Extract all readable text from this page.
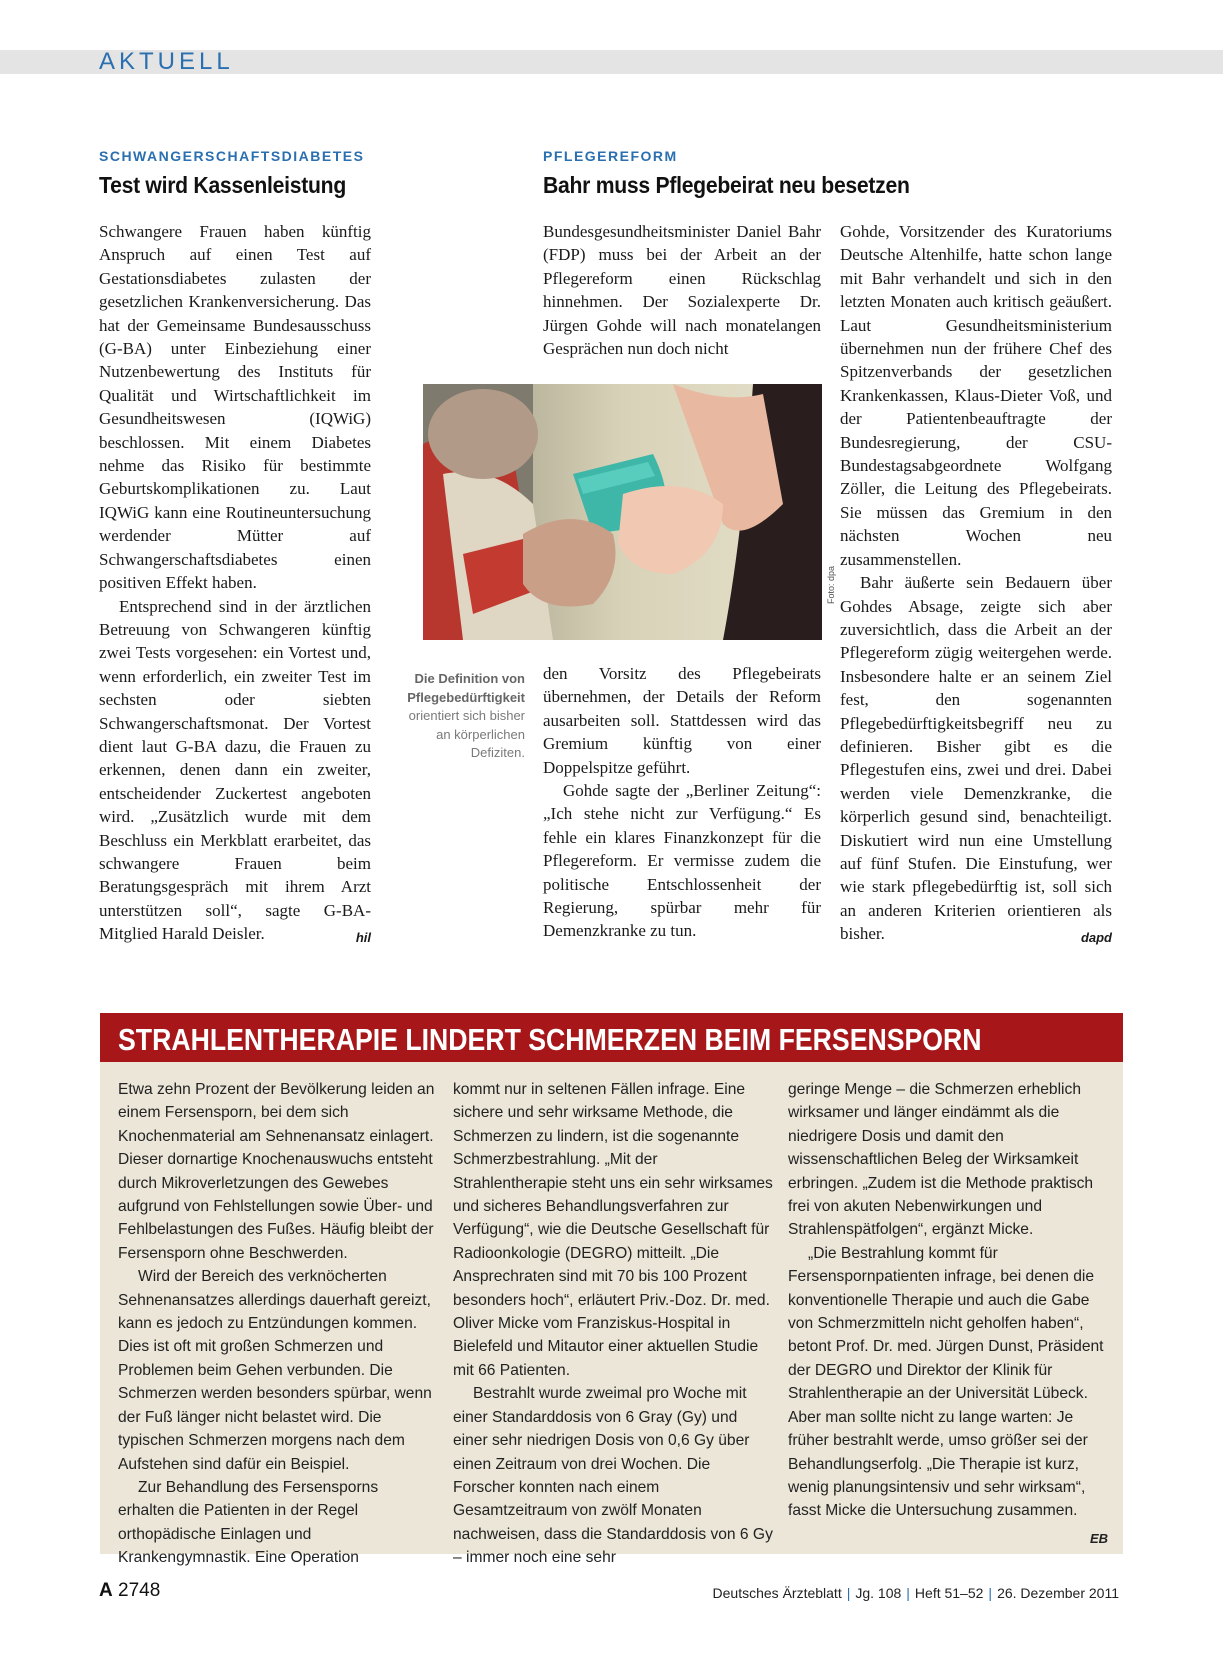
AKTUELL
SCHWANGERSCHAFTSDIABETES
Test wird Kassenleistung

Schwangere Frauen haben künftig Anspruch auf einen Test auf Gestationsdiabetes zulasten der gesetzlichen Krankenversicherung. Das hat der Gemeinsame Bundesausschuss (G-BA) unter Einbeziehung einer Nutzenbewertung des Instituts für Qualität und Wirtschaftlichkeit im Gesundheitswesen (IQWiG) beschlossen. Mit einem Diabetes nehme das Risiko für bestimmte Geburtskomplikationen zu. Laut IQWiG kann eine Routineuntersuchung werdender Mütter auf Schwangerschaftsdiabetes einen positiven Effekt haben.

Entsprechend sind in der ärztlichen Betreuung von Schwangeren künftig zwei Tests vorgesehen: ein Vortest und, wenn erforderlich, ein zweiter Test im sechsten oder siebten Schwangerschaftsmonat. Der Vortest dient laut G-BA dazu, die Frauen zu erkennen, denen dann ein zweiter, entscheidender Zuckertest angeboten wird. „Zusätzlich wurde mit dem Beschluss ein Merkblatt erarbeitet, das schwangere Frauen beim Beratungsgespräch mit ihrem Arzt unterstützen soll“, sagte G-BA-Mitglied Harald Deisler.	hil

PFLEGEREFORM
Bahr muss Pflegebeirat neu besetzen

Bundesgesundheitsminister Daniel Bahr (FDP) muss bei der Arbeit an der Pflegereform einen Rückschlag hinnehmen. Der Sozialexperte Dr. Jürgen Gohde will nach monatelangen Gesprächen nun doch nicht

Foto: dpa
Die Definition von Pflegebedürftigkeit orientiert sich bisher an körperlichen Defiziten.

den Vorsitz des Pflegebeirats übernehmen, der Details der Reform ausarbeiten soll. Stattdessen wird das Gremium künftig von einer Doppelspitze geführt.

Gohde sagte der „Berliner Zeitung“: „Ich stehe nicht zur Verfügung.“ Es fehle ein klares Finanzkonzept für die Pflegereform. Er vermisse zudem die politische Entschlossenheit der Regierung, spürbar mehr für Demenzkranke zu tun.

Gohde, Vorsitzender des Kuratoriums Deutsche Altenhilfe, hatte schon lange mit Bahr verhandelt und sich in den letzten Monaten auch kritisch geäußert. Laut Gesundheitsministerium übernehmen nun der frühere Chef des Spitzenverbands der gesetzlichen Krankenkassen, Klaus-Dieter Voß, und der Patientenbeauftragte der Bundesregierung, der CSU-Bundestagsabgeordnete Wolfgang Zöller, die Leitung des Pflegebeirats. Sie müssen das Gremium in den nächsten Wochen neu zusammenstellen.

Bahr äußerte sein Bedauern über Gohdes Absage, zeigte sich aber zuversichtlich, dass die Arbeit an der Pflegereform zügig weitergehen werde. Insbesondere halte er an seinem Ziel fest, den sogenannten Pflegebedürftigkeitsbegriff neu zu definieren. Bisher gibt es die Pflegestufen eins, zwei und drei. Dabei werden viele Demenzkranke, die körperlich gesund sind, benachteiligt. Diskutiert wird nun eine Umstellung auf fünf Stufen. Die Einstufung, wer wie stark pflegebedürftig ist, soll sich an anderen Kriterien orientieren als bisher.	dapd

STRAHLENTHERAPIE LINDERT SCHMERZEN BEIM FERSENSPORN

Etwa zehn Prozent der Bevölkerung leiden an einem Fersensporn, bei dem sich Knochenmaterial am Sehnenansatz einlagert. Dieser dornartige Knochenauswuchs entsteht durch Mikroverletzungen des Gewebes aufgrund von Fehlstellungen sowie Über- und Fehlbelastungen des Fußes. Häufig bleibt der Fersensporn ohne Beschwerden.

Wird der Bereich des verknöcherten Sehnenansatzes allerdings dauerhaft gereizt, kann es jedoch zu Entzündungen kommen. Dies ist oft mit großen Schmerzen und Problemen beim Gehen verbunden. Die Schmerzen werden besonders spürbar, wenn der Fuß länger nicht belastet wird. Die typischen Schmerzen morgens nach dem Aufstehen sind dafür ein Beispiel.

Zur Behandlung des Fersensporns erhalten die Patienten in der Regel orthopädische Einlagen und Krankengymnastik. Eine Operation

kommt nur in seltenen Fällen infrage. Eine sichere und sehr wirksame Methode, die Schmerzen zu lindern, ist die sogenannte Schmerzbestrahlung. „Mit der Strahlentherapie steht uns ein sehr wirksames und sicheres Behandlungsverfahren zur Verfügung“, wie die Deutsche Gesellschaft für Radioonkologie (DEGRO) mitteilt. „Die Ansprechraten sind mit 70 bis 100 Prozent besonders hoch“, erläutert Priv.-Doz. Dr. med. Oliver Micke vom Franziskus-Hospital in Bielefeld und Mitautor einer aktuellen Studie mit 66 Patienten.

Bestrahlt wurde zweimal pro Woche mit einer Standarddosis von 6 Gray (Gy) und einer sehr niedrigen Dosis von 0,6 Gy über einen Zeitraum von drei Wochen. Die Forscher konnten nach einem Gesamtzeitraum von zwölf Monaten nachweisen, dass die Standarddosis von 6 Gy – immer noch eine sehr

geringe Menge – die Schmerzen erheblich wirksamer und länger eindämmt als die niedrigere Dosis und damit den wissenschaftlichen Beleg der Wirksamkeit erbringen. „Zudem ist die Methode praktisch frei von akuten Nebenwirkungen und Strahlenspätfolgen“, ergänzt Micke.

„Die Bestrahlung kommt für Fersenspornpatienten infrage, bei denen die konventionelle Therapie und auch die Gabe von Schmerzmitteln nicht geholfen haben“, betont Prof. Dr. med. Jürgen Dunst, Präsident der DEGRO und Direktor der Klinik für Strahlentherapie an der Universität Lübeck. Aber man sollte nicht zu lange warten: Je früher bestrahlt werde, umso größer sei der Behandlungserfolg. „Die Therapie ist kurz, wenig planungsintensiv und sehr wirksam“, fasst Micke die Untersuchung zusammen.
EB

A 2748	Deutsches Ärzteblatt | Jg. 108 | Heft 51–52 | 26. Dezember 2011
